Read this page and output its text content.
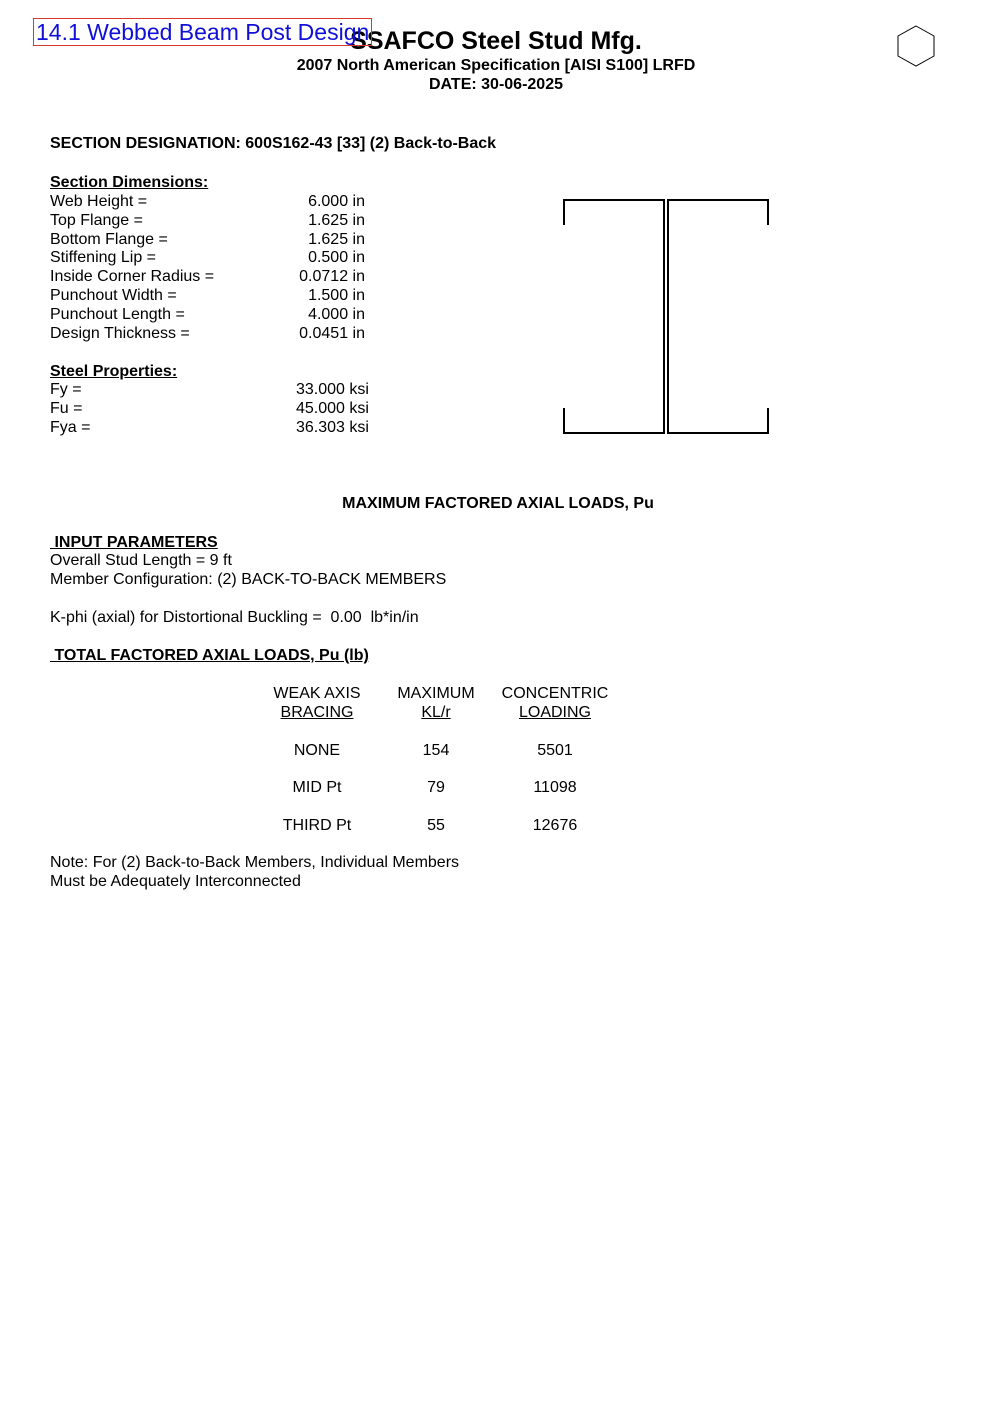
SSAFCO Steel Stud Mfg.
2007 North American Specification [AISI S100] LRFD
DATE: 30-06-2025
14.1 Webbed Beam Post Design
SECTION DESIGNATION: 600S162-43 [33] (2) Back-to-Back
Section Dimensions:
Web Height =	6.000 in
Top Flange =	1.625 in
Bottom Flange =	1.625 in
Stiffening Lip =	0.500 in
Inside Corner Radius =	0.0712 in
Punchout Width =	1.500 in
Punchout Length =	4.000 in
Design Thickness =	0.0451 in
Steel Properties:
Fy =	33.000 ksi
Fu =	45.000 ksi
Fya =	36.303 ksi
MAXIMUM FACTORED AXIAL LOADS, Pu
INPUT PARAMETERS
Overall Stud Length = 9 ft
Member Configuration: (2) BACK-TO-BACK MEMBERS
K-phi (axial) for Distortional Buckling =  0.00  lb*in/in
TOTAL FACTORED AXIAL LOADS, Pu (lb)
WEAK AXIS	MAXIMUM	CONCENTRIC
BRACING	KL/r	LOADING
NONE	154	5501
MID Pt	79	11098
THIRD Pt	55	12676
Note: For (2) Back-to-Back Members, Individual Members
Must be Adequately Interconnected
